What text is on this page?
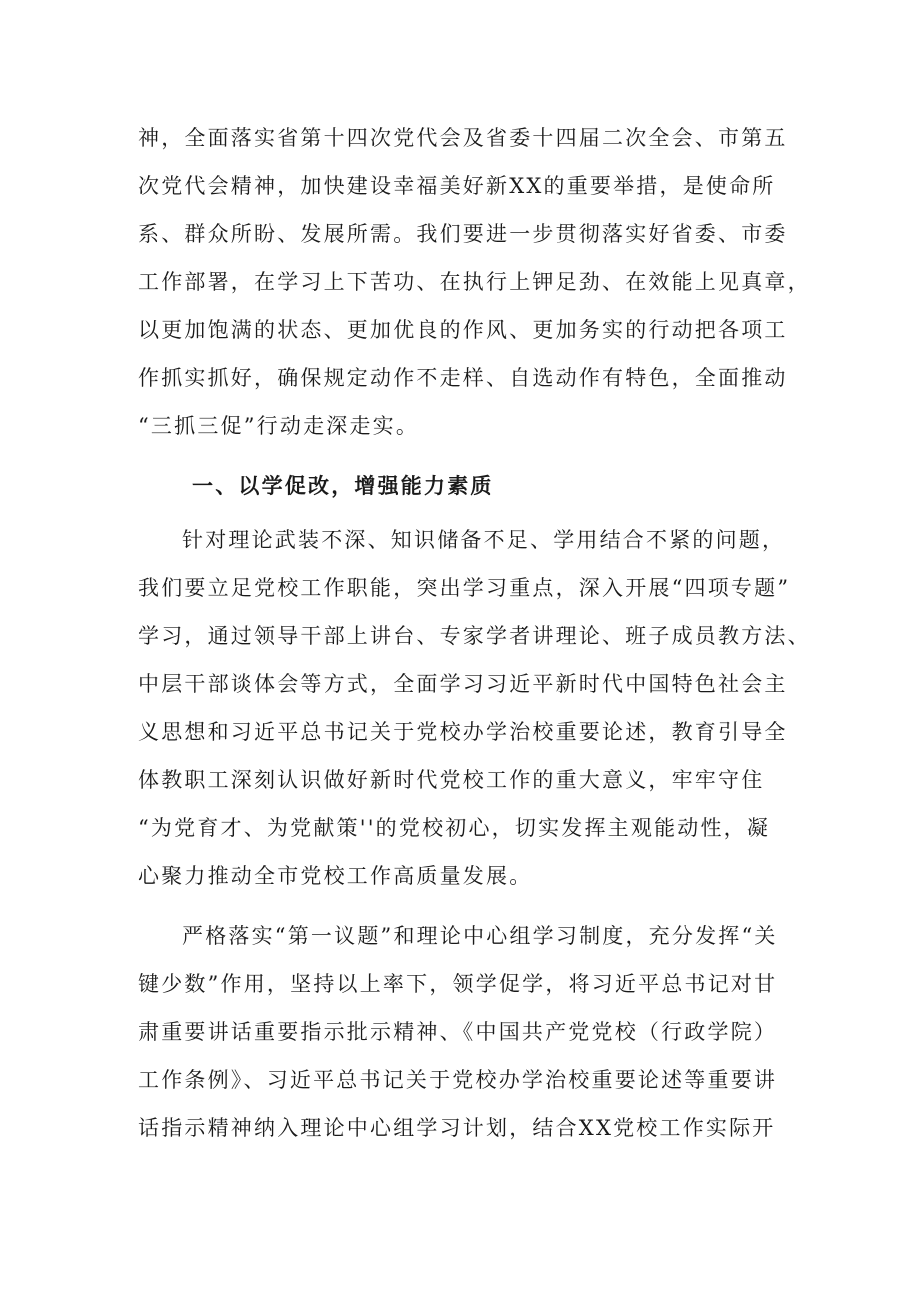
神，全面落实省第十四次党代会及省委十四届二次全会、市第五
次党代会精神，加快建设幸福美好新XX的重要举措，是使命所
系、群众所盼、发展所需。我们要进一步贯彻落实好省委、市委
工作部署，在学习上下苦功、在执行上钾足劲、在效能上见真章，
以更加饱满的状态、更加优良的作风、更加务实的行动把各项工
作抓实抓好，确保规定动作不走样、自选动作有特色，全面推动
“三抓三促”行动走深走实。
一、以学促改，增强能力素质
针对理论武装不深、知识储备不足、学用结合不紧的问题，
我们要立足党校工作职能，突出学习重点，深入开展“四项专题”
学习，通过领导干部上讲台、专家学者讲理论、班子成员教方法、
中层干部谈体会等方式，全面学习习近平新时代中国特色社会主
义思想和习近平总书记关于党校办学治校重要论述，教育引导全
体教职工深刻认识做好新时代党校工作的重大意义，牢牢守住
“为党育才、为党献策''的党校初心，切实发挥主观能动性，凝
心聚力推动全市党校工作高质量发展。
严格落实“第一议题”和理论中心组学习制度，充分发挥“关
键少数”作用，坚持以上率下，领学促学，将习近平总书记对甘
肃重要讲话重要指示批示精神、《中国共产党党校（行政学院）
工作条例》、习近平总书记关于党校办学治校重要论述等重要讲
话指示精神纳入理论中心组学习计划，结合XX党校工作实际开
